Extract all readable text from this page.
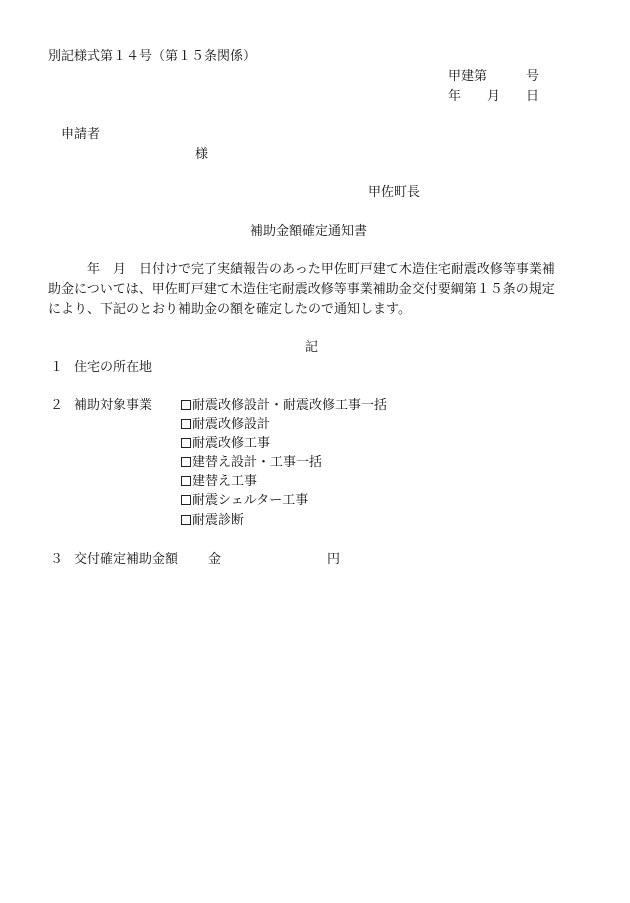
別記様式第１４号（第１５条関係）
甲建第　　　号
年　　月　　日
申請者
様
甲佐町長
補助金額確定通知書
年　月　日付けで完了実績報告のあった甲佐町戸建て木造住宅耐震改修等事業補
助金については、甲佐町戸建て木造住宅耐震改修等事業補助金交付要綱第１５条の規定
により、下記のとおり補助金の額を確定したので通知します。
記
１ 住宅の所在地
２ 補助対象事業	耐震改修設計・耐震改修工事一括
耐震改修設計
耐震改修工事
建替え設計・工事一括
建替え工事
耐震シェルター工事
耐震診断
３ 交付確定補助金額 金	円
